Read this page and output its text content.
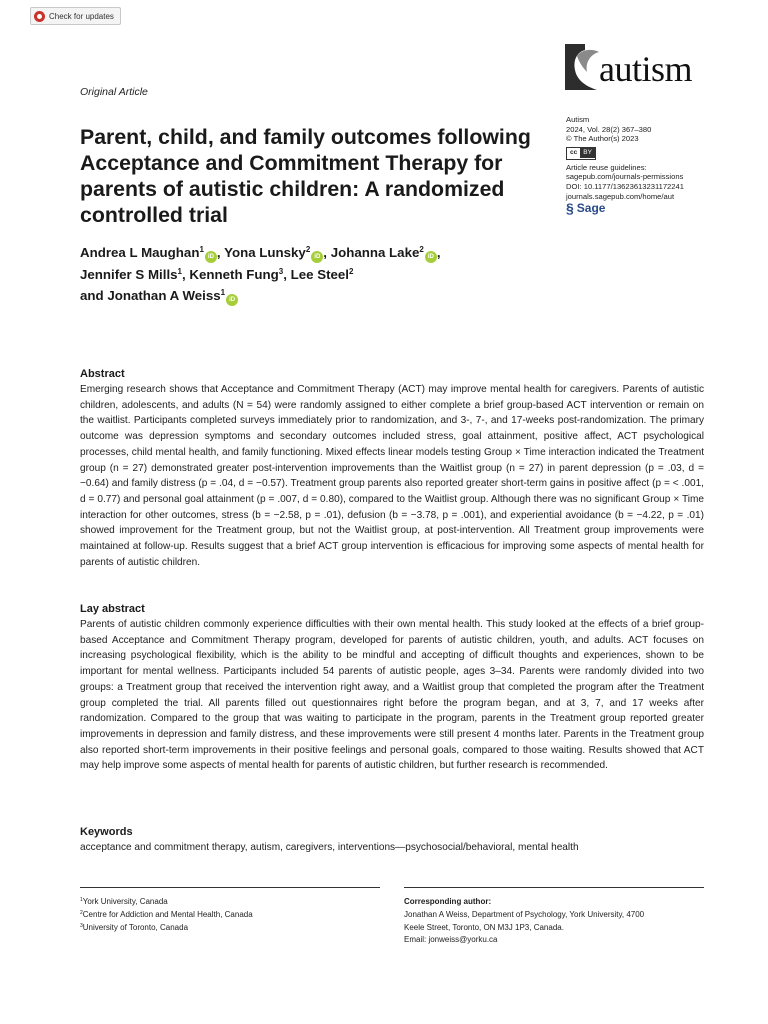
Check for updates
Original Article
autism
Autism
2024, Vol. 28(2) 367–380
© The Author(s) 2023
cc BY
Article reuse guidelines:
sagepub.com/journals-permissions
DOI: 10.1177/13623613231172241
journals.sagepub.com/home/aut
§ Sage
Parent, child, and family outcomes following Acceptance and Commitment Therapy for parents of autistic children: A randomized controlled trial
Andrea L Maughan$^1$iD , Yona Lunsky$^2$iD , Johanna Lake$^2$iD ,
Jennifer S Mills$^1$, Kenneth Fung$^3$, Lee Steel$^2$
and Jonathan A Weiss$^1$iD
Abstract

Emerging research shows that Acceptance and Commitment Therapy (ACT) may improve mental health for caregivers. Parents of autistic children, adolescents, and adults (N = 54) were randomly assigned to either complete a brief group-based ACT intervention or remain on the waitlist. Participants completed surveys immediately prior to randomization, and 3-, 7-, and 17-weeks post-randomization. The primary outcome was depression symptoms and secondary outcomes included stress, goal attainment, positive affect, ACT psychological processes, child mental health, and family functioning. Mixed effects linear models testing Group × Time interaction indicated the Treatment group (n = 27) demonstrated greater post-intervention improvements than the Waitlist group (n = 27) in parent depression (p = .03, d = −0.64) and family distress (p = .04, d = −0.57). Treatment group parents also reported greater short-term gains in positive affect (p = < .001, d = 0.77) and personal goal attainment (p = .007, d = 0.80), compared to the Waitlist group. Although there was no significant Group × Time interaction for other outcomes, stress (b = −2.58, p = .01), defusion (b = −3.78, p = .001), and experiential avoidance (b = −4.22, p = .01) showed improvement for the Treatment group, but not the Waitlist group, at post-intervention. All Treatment group improvements were maintained at follow-up. Results suggest that a brief ACT group intervention is efficacious for improving some aspects of mental health for parents of autistic children.

Lay abstract

Parents of autistic children commonly experience difficulties with their own mental health. This study looked at the effects of a brief group-based Acceptance and Commitment Therapy program, developed for parents of autistic children, youth, and adults. ACT focuses on increasing psychological flexibility, which is the ability to be mindful and accepting of difficult thoughts and experiences, shown to be important for mental wellness. Participants included 54 parents of autistic people, ages 3–34. Parents were randomly divided into two groups: a Treatment group that received the intervention right away, and a Waitlist group that completed the program after the Treatment group completed the trial. All parents filled out questionnaires right before the program began, and at 3, 7, and 17 weeks after randomization. Compared to the group that was waiting to participate in the program, parents in the Treatment group reported greater improvements in depression and family distress, and these improvements were still present 4 months later. Parents in the Treatment group also reported short-term improvements in their positive feelings and personal goals, compared to those waiting. Results showed that ACT may help improve some aspects of mental health for parents of autistic children, but further research is recommended.

Keywords

acceptance and commitment therapy, autism, caregivers, interventions—psychosocial/behavioral, mental health

$^1$York University, Canada
$^2$Centre for Addiction and Mental Health, Canada
$^3$University of Toronto, Canada
Corresponding author:
Jonathan A Weiss, Department of Psychology, York University, 4700
Keele Street, Toronto, ON M3J 1P3, Canada.
Email: jonweiss@yorku.ca
